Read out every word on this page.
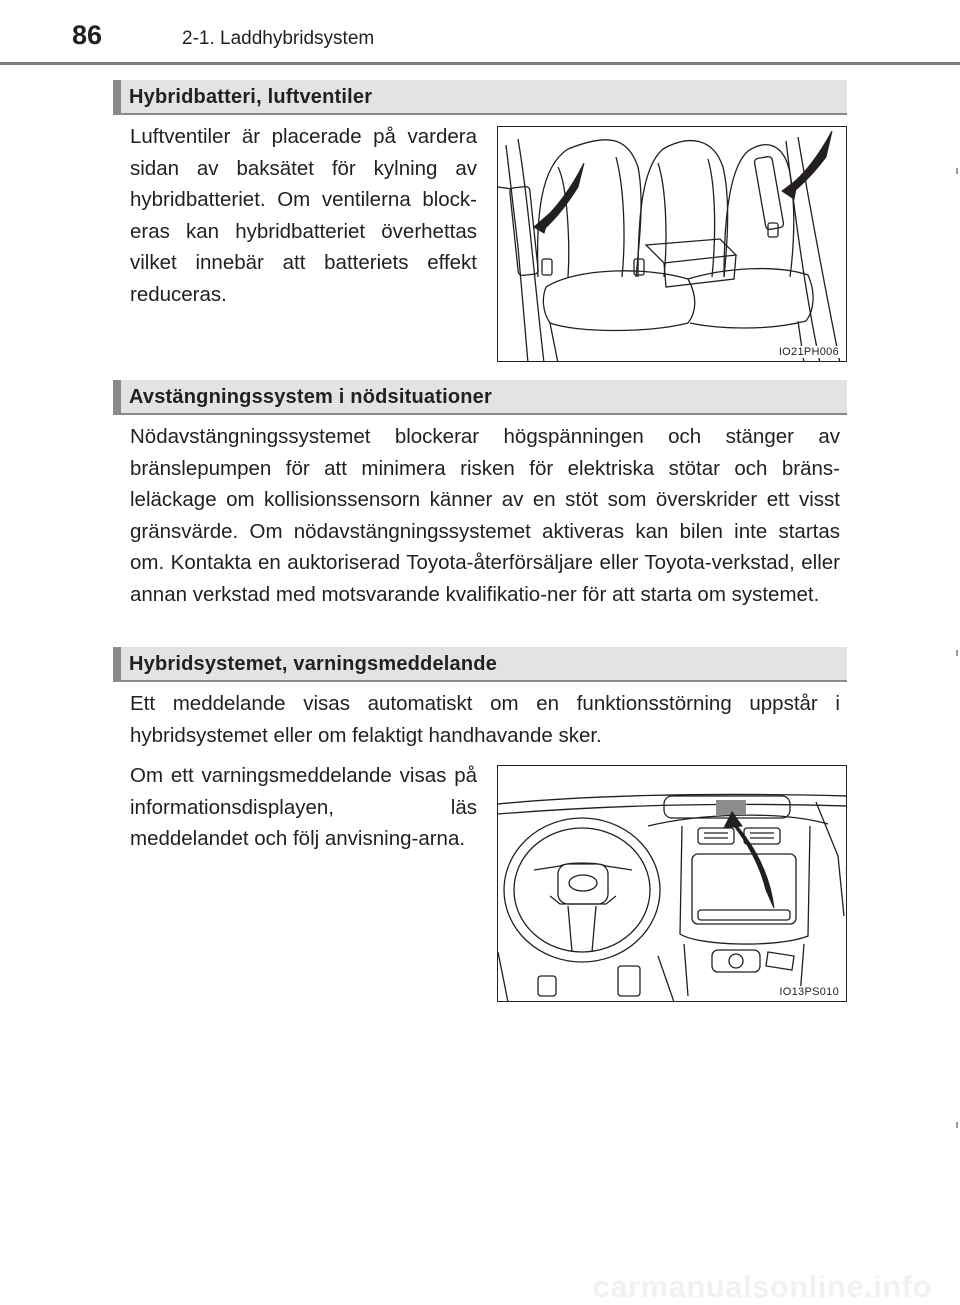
86	2-1. Laddhybridsystem
Hybridbatteri, luftventiler

Luftventiler är placerade på vardera sidan av baksätet för kylning av hybridbatteriet. Om ventilerna block-eras kan hybridbatteriet överhettas vilket innebär att batteriets effekt reduceras.

IO21PH006
Avstängningssystem i nödsituationer

Nödavstängningssystemet blockerar högspänningen och stänger av bränslepumpen för att minimera risken för elektriska stötar och bräns-leläckage om kollisionssensorn känner av en stöt som överskrider ett visst gränsvärde. Om nödavstängningssystemet aktiveras kan bilen inte startas om. Kontakta en auktoriserad Toyota-återförsäljare eller Toyota-verkstad, eller annan verkstad med motsvarande kvalifikatio-ner för att starta om systemet.

Hybridsystemet, varningsmeddelande

Ett meddelande visas automatiskt om en funktionsstörning uppstår i hybridsystemet eller om felaktigt handhavande sker.

Om ett varningsmeddelande visas på informationsdisplayen, läs meddelandet och följ anvisning-arna.

IO13PS010
carmanualsonline.info
